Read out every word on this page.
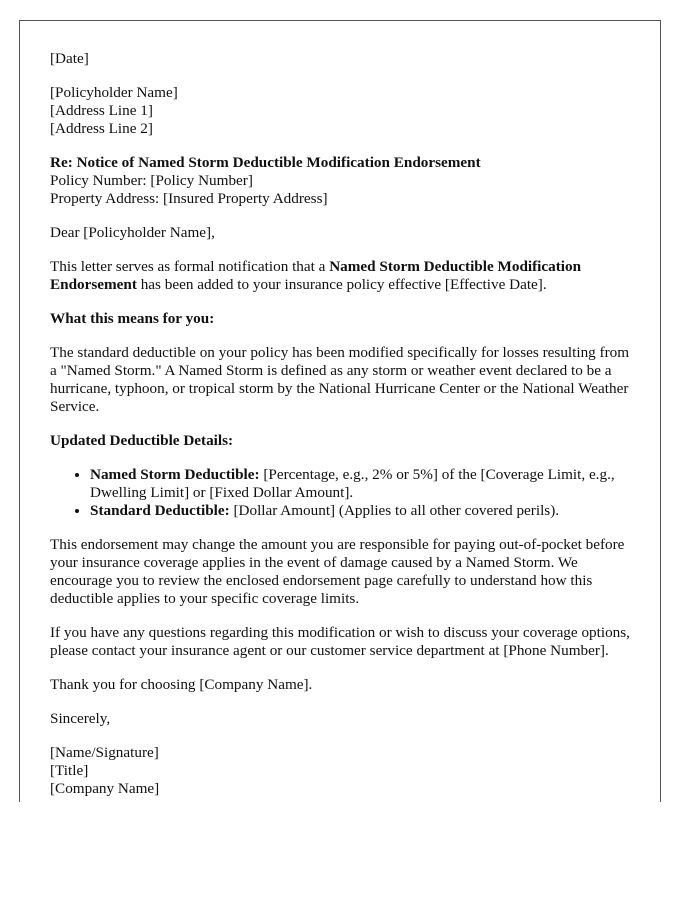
[Date]

[Policyholder Name]
[Address Line 1]
[Address Line 2]

Re: Notice of Named Storm Deductible Modification Endorsement
Policy Number: [Policy Number]
Property Address: [Insured Property Address]

Dear [Policyholder Name],

This letter serves as formal notification that a Named Storm Deductible Modification Endorsement has been added to your insurance policy effective [Effective Date].

What this means for you:

The standard deductible on your policy has been modified specifically for losses resulting from a "Named Storm." A Named Storm is defined as any storm or weather event declared to be a hurricane, typhoon, or tropical storm by the National Hurricane Center or the National Weather Service.

Updated Deductible Details:

• Named Storm Deductible: [Percentage, e.g., 2% or 5%] of the [Coverage Limit, e.g., Dwelling Limit] or [Fixed Dollar Amount].
• Standard Deductible: [Dollar Amount] (Applies to all other covered perils).

This endorsement may change the amount you are responsible for paying out-of-pocket before your insurance coverage applies in the event of damage caused by a Named Storm. We encourage you to review the enclosed endorsement page carefully to understand how this deductible applies to your specific coverage limits.

If you have any questions regarding this modification or wish to discuss your coverage options, please contact your insurance agent or our customer service department at [Phone Number].

Thank you for choosing [Company Name].

Sincerely,

[Name/Signature]
[Title]
[Company Name]
